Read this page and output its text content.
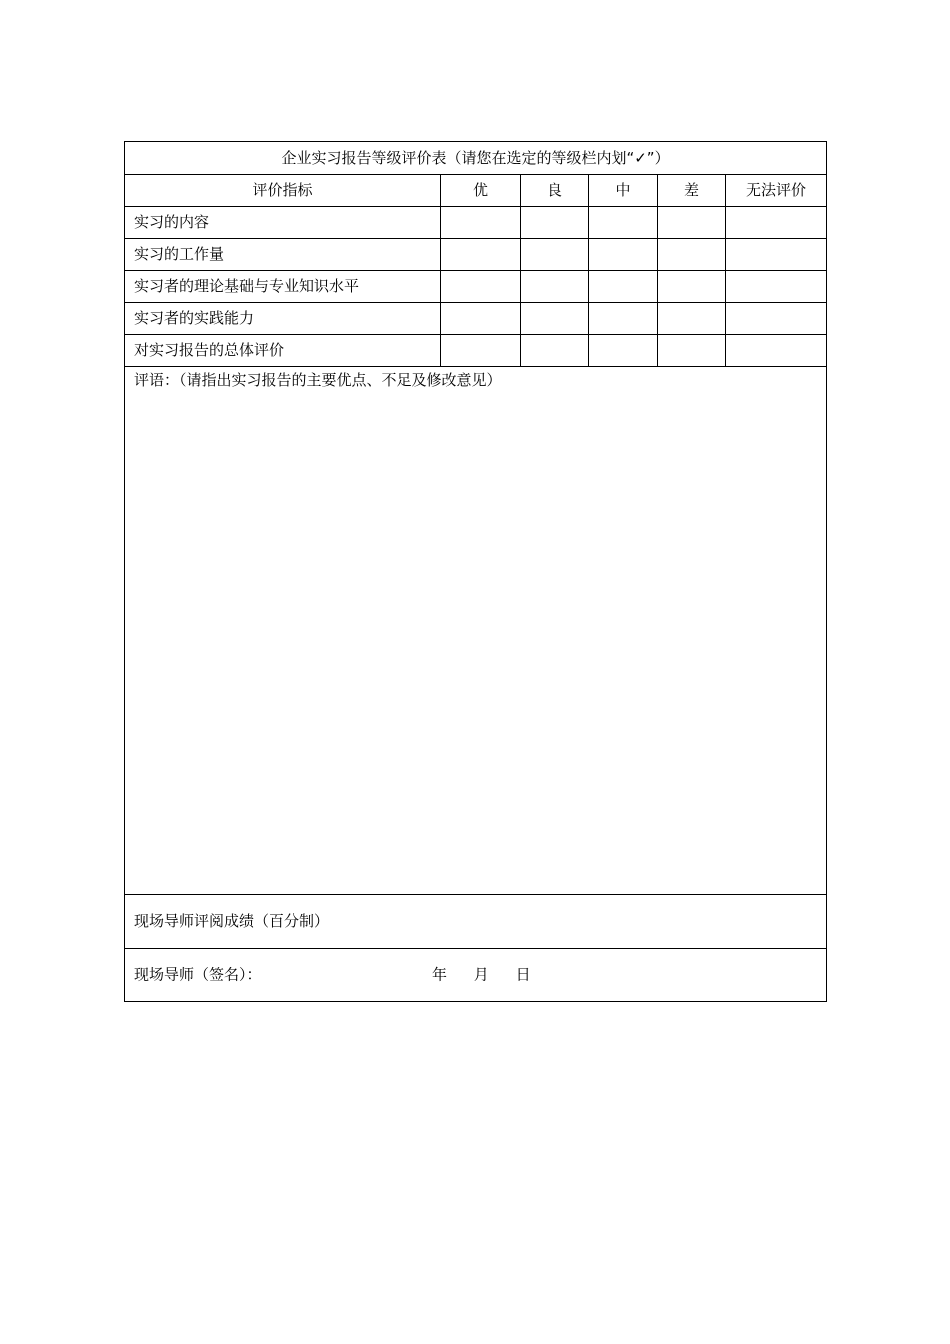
企业实习报告等级评价表（请您在选定的等级栏内划“✓”）					
评价指标	优	良	中	差	无法评价
实习的内容					
实习的工作量					
实习者的理论基础与专业知识水平					
实习者的实践能力					
对实习报告的总体评价					
评语：（请指出实习报告的主要优点、不足及修改意见）					
现场导师评阅成绩（百分制）					

现场导师（签名）： 年 月 日					
